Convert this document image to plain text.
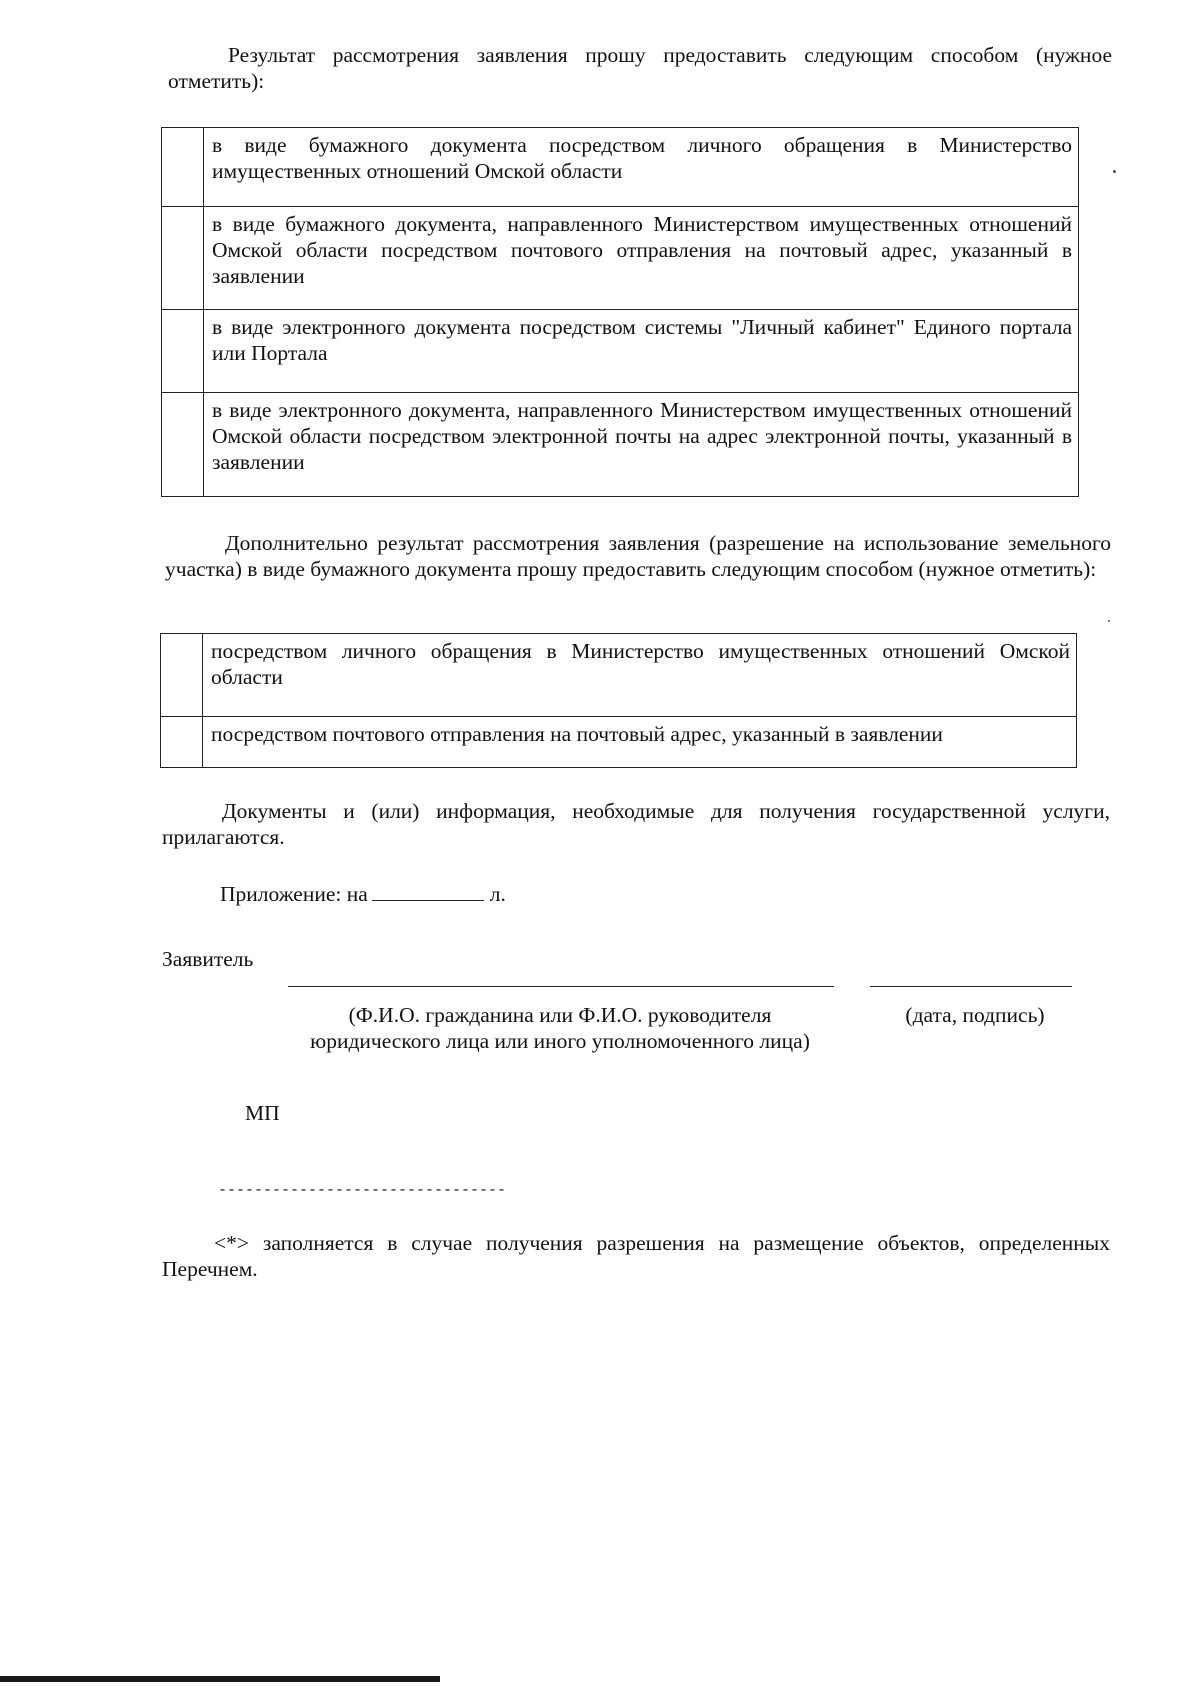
Результат рассмотрения заявления прошу предоставить следующим способом (нужное отметить):

	в виде бумажного документа посредством личного обращения в Министерство имущественных отношений Омской области
	в виде бумажного документа, направленного Министерством имущественных отношений Омской области посредством почтового отправления на почтовый адрес, указанный в заявлении
	в виде электронного документа посредством системы "Личный кабинет" Единого портала или Портала
	в виде электронного документа, направленного Министерством имущественных отношений Омской области посредством электронной почты на адрес электронной почты, указанный в заявлении

Дополнительно результат рассмотрения заявления (разрешение на использование земельного участка) в виде бумажного документа прошу предоставить следующим способом (нужное отметить):

	посредством личного обращения в Министерство имущественных отношений Омской области
	посредством почтового отправления на почтовый адрес, указанный в заявлении

Документы и (или) информация, необходимые для получения государственной услуги, прилагаются.

Приложение: на	л.
Заявитель
(Ф.И.О. гражданина или Ф.И.О. руководителя юридического лица или иного уполномоченного лица)
(дата, подпись)
МП
--------------------------------

<*> заполняется в случае получения разрешения на размещение объектов, определенных Перечнем.
